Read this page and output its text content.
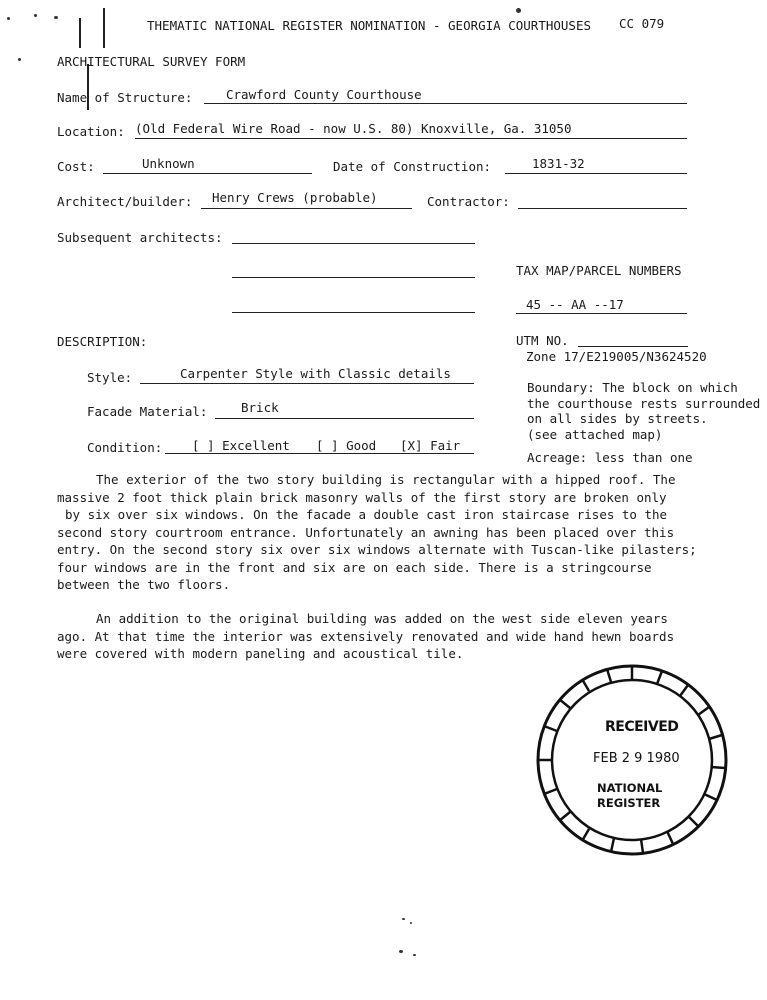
THEMATIC NATIONAL REGISTER NOMINATION - GEORGIA COURTHOUSES CC 079
ARCHITECTURAL SURVEY FORM
Name of Structure:	Crawford County Courthouse
Location: (Old Federal Wire Road - now U.S. 80) Knoxville, Ga. 31050
Cost:	Unknown	Date of Construction:	1831-32
Architect/builder: Henry Crews (probable)	Contractor:
Subsequent architects:
TAX MAP/PARCEL NUMBERS
45 -- AA --17
DESCRIPTION:	UTM NO.
Zone 17/E219005/N3624520
Style:	Carpenter Style with Classic details
Boundary: The block on which
the courthouse rests surrounded
on all sides by streets.
(see attached map)
Facade Material:	Brick
Condition: [ ] Excellent [ ] Good [X] Fair
Acreage: less than one
The exterior of the two story building is rectangular with a hipped roof. The
massive 2 foot thick plain brick masonry walls of the first story are broken only
by six over six windows. On the facade a double cast iron staircase rises to the
second story courtroom entrance. Unfortunately an awning has been placed over this
entry. On the second story six over six windows alternate with Tuscan-like pilasters;
four windows are in the front and six are on each side. There is a stringcourse
between the two floors.
An addition to the original building was added on the west side eleven years
ago. At that time the interior was extensively renovated and wide hand hewn boards
were covered with modern paneling and acoustical tile.
RECEIVED
FEB 2 9 1980
NATIONAL
REGISTER
